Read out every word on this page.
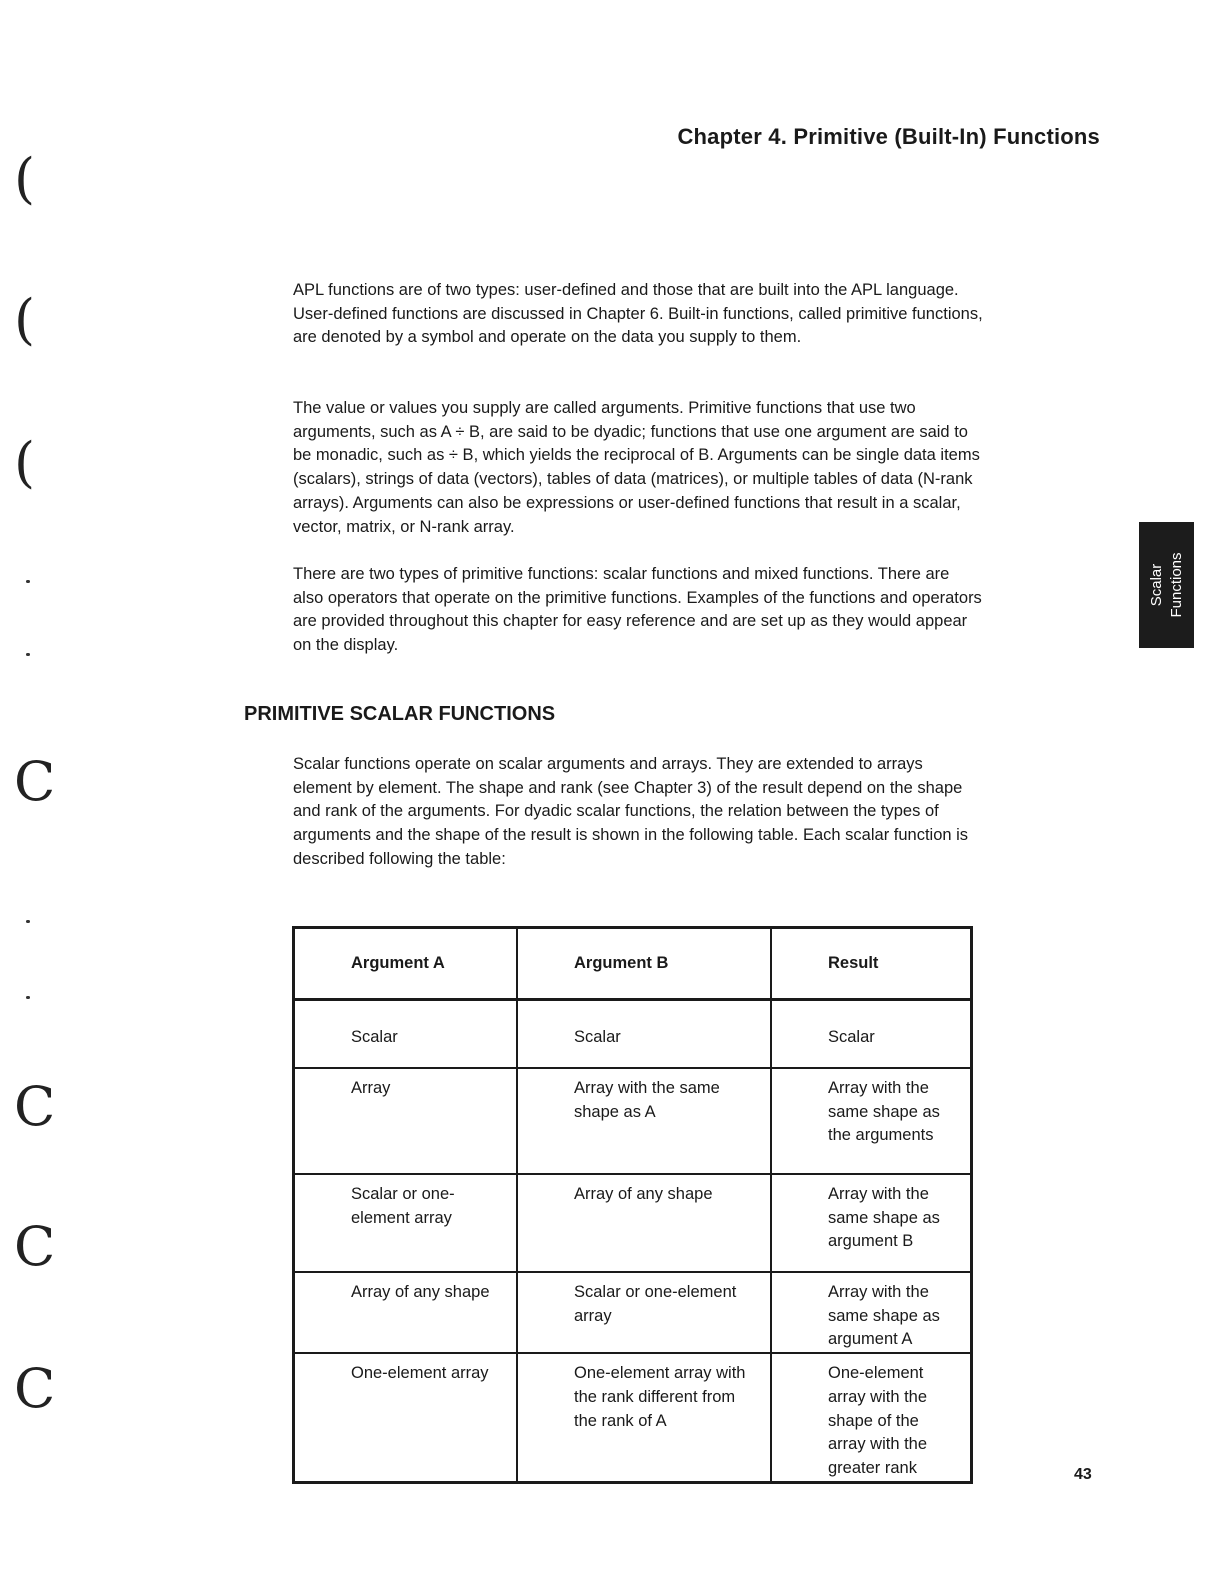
(
(
(
C
C
C
C
Chapter 4. Primitive (Built-In) Functions
Scalar Functions

APL functions are of two types: user-defined and those that are built into the APL language. User-defined functions are discussed in Chapter 6. Built-in functions, called primitive functions, are denoted by a symbol and operate on the data you supply to them.

The value or values you supply are called arguments. Primitive functions that use two arguments, such as A ÷ B, are said to be dyadic; functions that use one argument are said to be monadic, such as ÷ B, which yields the reciprocal of B. Arguments can be single data items (scalars), strings of data (vectors), tables of data (matrices), or multiple tables of data (N-rank arrays). Arguments can also be expressions or user-defined functions that result in a scalar, vector, matrix, or N-rank array.

There are two types of primitive functions: scalar functions and mixed functions. There are also operators that operate on the primitive functions. Examples of the functions and operators are provided throughout this chapter for easy reference and are set up as they would appear on the display.

PRIMITIVE SCALAR FUNCTIONS

Scalar functions operate on scalar arguments and arrays. They are extended to arrays element by element. The shape and rank (see Chapter 3) of the result depend on the shape and rank of the arguments. For dyadic scalar functions, the relation between the types of arguments and the shape of the result is shown in the following table. Each scalar function is described following the table:

Argument A	Argument B	Result
Scalar	Scalar	Scalar
Array	Array with the same shape as A	Array with the same shape as the arguments
Scalar or one-element array	Array of any shape	Array with the same shape as argument B
Array of any shape	Scalar or one-element array	Array with the same shape as argument A
One-element array	One-element array with the rank different from the rank of A	One-element array with the shape of the array with the greater rank	43
